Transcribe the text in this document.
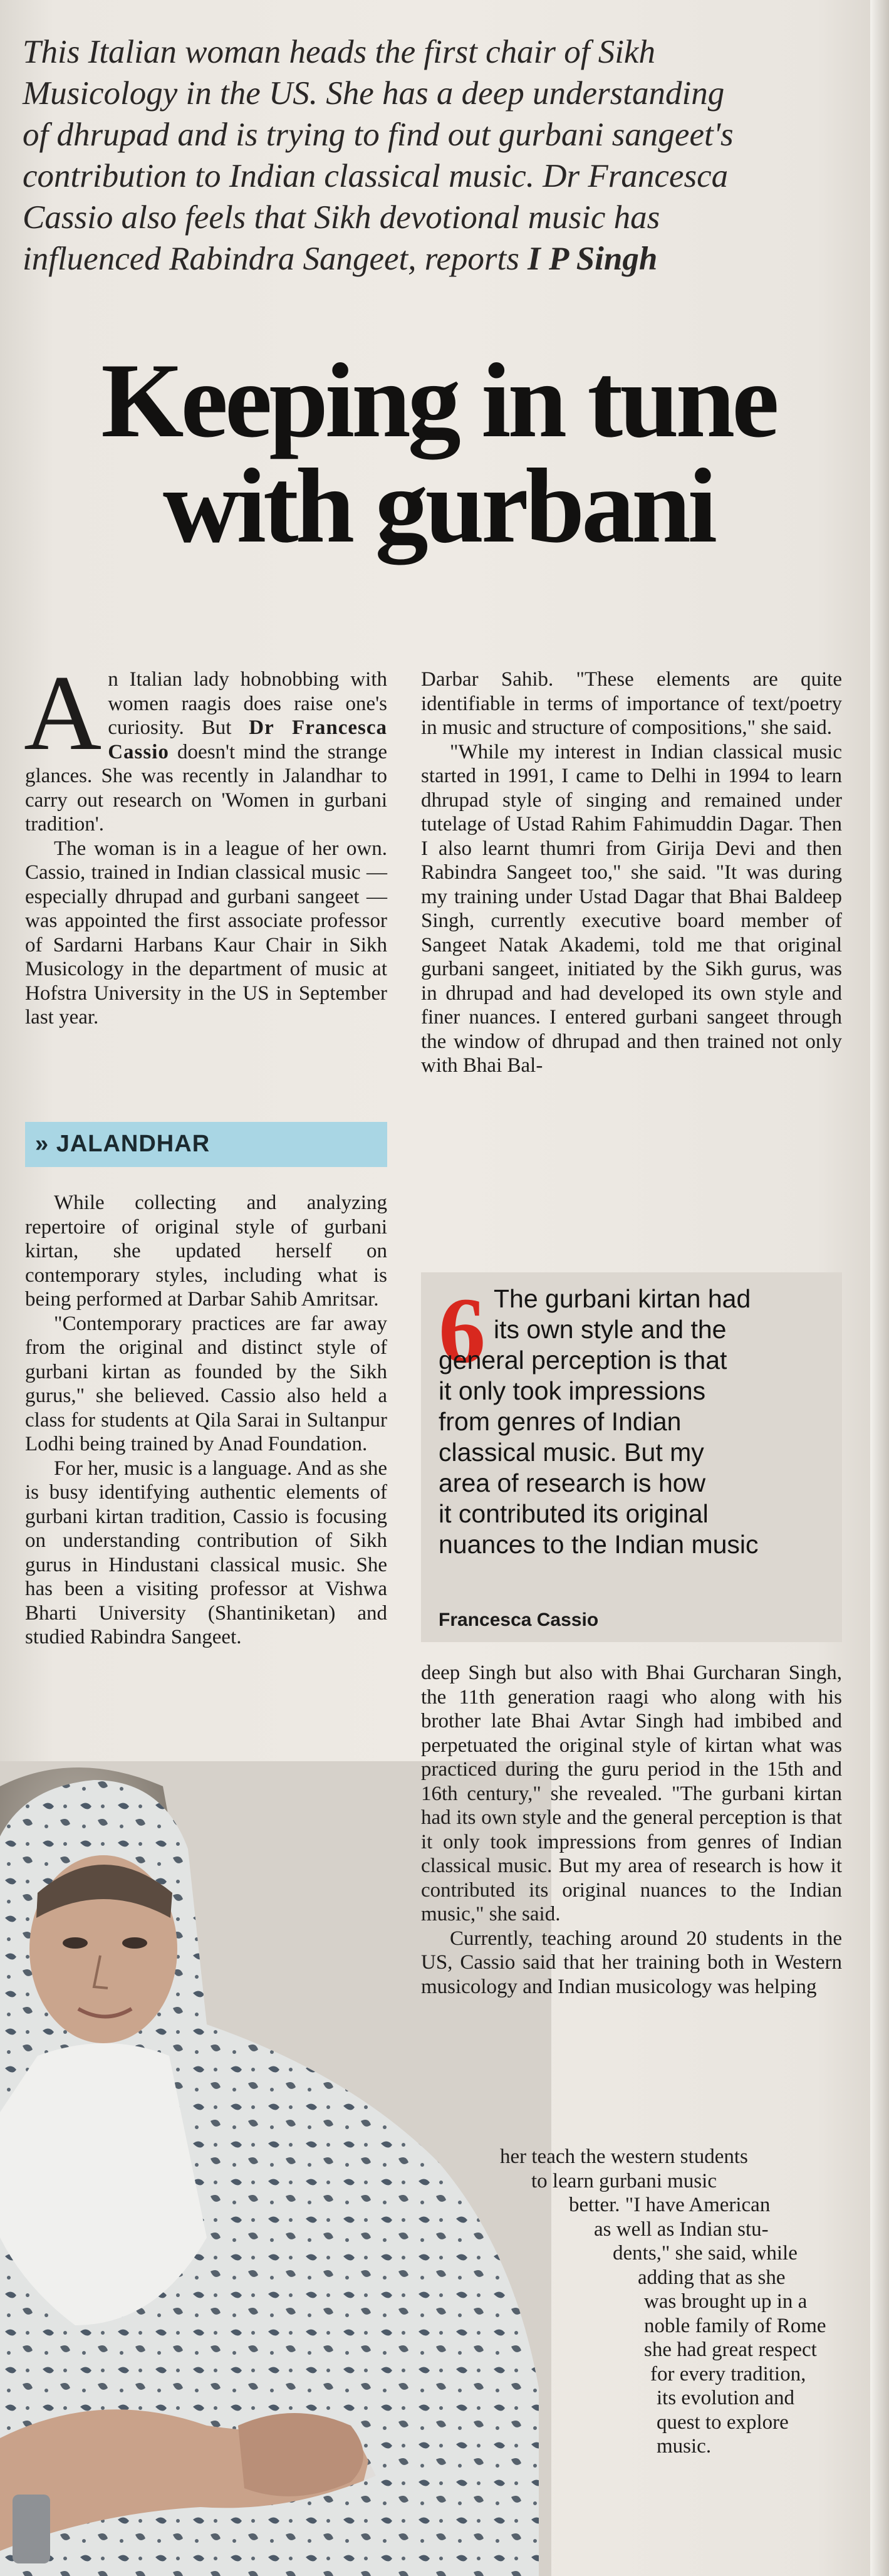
This Italian woman heads the first chair of Sikh
Musicology in the US. She has a deep understanding
of dhrupad and is trying to find out gurbani sangeet's
contribution to Indian classical music. Dr Francesca
Cassio also feels that Sikh devotional music has
influenced Rabindra Sangeet, reports I P Singh
Keeping in tune
with gurbani

An Italian lady hobnobbing with women raagis does raise one's curiosity. But Dr Francesca Cassio doesn't mind the strange glances. She was recently in Jalandhar to carry out research on 'Women in gurbani tradition'.

The woman is in a league of her own. Cassio, trained in Indian classical music — especially dhrupad and gurbani sangeet — was appointed the first associate professor of Sardarni Harbans Kaur Chair in Sikh Musicology in the department of music at Hofstra University in the US in September last year.

» JALANDHAR

While collecting and analyzing repertoire of original style of gurbani kirtan, she updated herself on contemporary styles, including what is being performed at Darbar Sahib Amritsar.

"Contemporary practices are far away from the original and distinct style of gurbani kirtan as founded by the Sikh gurus," she believed. Cassio also held a class for students at Qila Sarai in Sultanpur Lodhi being trained by Anad Foundation.

For her, music is a language. And as she is busy identifying authentic elements of gurbani kirtan tradition, Cassio is focusing on understanding contribution of Sikh gurus in Hindustani classical music. She has been a visiting professor at Vishwa Bharti University (Shantiniketan) and studied Rabindra Sangeet.

Darbar Sahib. "These elements are quite identifiable in terms of importance of text/poetry in music and structure of compositions," she said.

"While my interest in Indian classical music started in 1991, I came to Delhi in 1994 to learn dhrupad style of singing and remained under tutelage of Ustad Rahim Fahimuddin Dagar. Then I also learnt thumri from Girija Devi and then Rabindra Sangeet too," she said. "It was during my training under Ustad Dagar that Bhai Baldeep Singh, currently executive board member of Sangeet Natak Akademi, told me that original gurbani sangeet, initiated by the Sikh gurus, was in dhrupad and had developed its own style and finer nuances. I entered gurbani sangeet through the window of dhrupad and then trained not only with Bhai Bal-

6 The gurbani kirtan had
its own style and the
general perception is that
it only took impressions
from genres of Indian
classical music. But my
area of research is how
it contributed its original
nuances to the Indian music
Francesca Cassio

deep Singh but also with Bhai Gurcharan Singh, the 11th generation raagi who along with his brother late Bhai Avtar Singh had imbibed and perpetuated the original style of kirtan what was practiced during the guru period in the 15th and 16th century," she revealed. "The gurbani kirtan had its own style and the general perception is that it only took impressions from genres of Indian classical music. But my area of research is how it contributed its original nuances to the Indian music," she said.

Currently, teaching around 20 students in the US, Cassio said that her training both in Western musicology and Indian musicology was helping

her teach the western students

to learn gurbani music

better. "I have American

as well as Indian stu-

dents," she said, while

adding that as she

was brought up in a

noble family of Rome

she had great respect

for every tradition,

its evolution and

quest to explore

music.
